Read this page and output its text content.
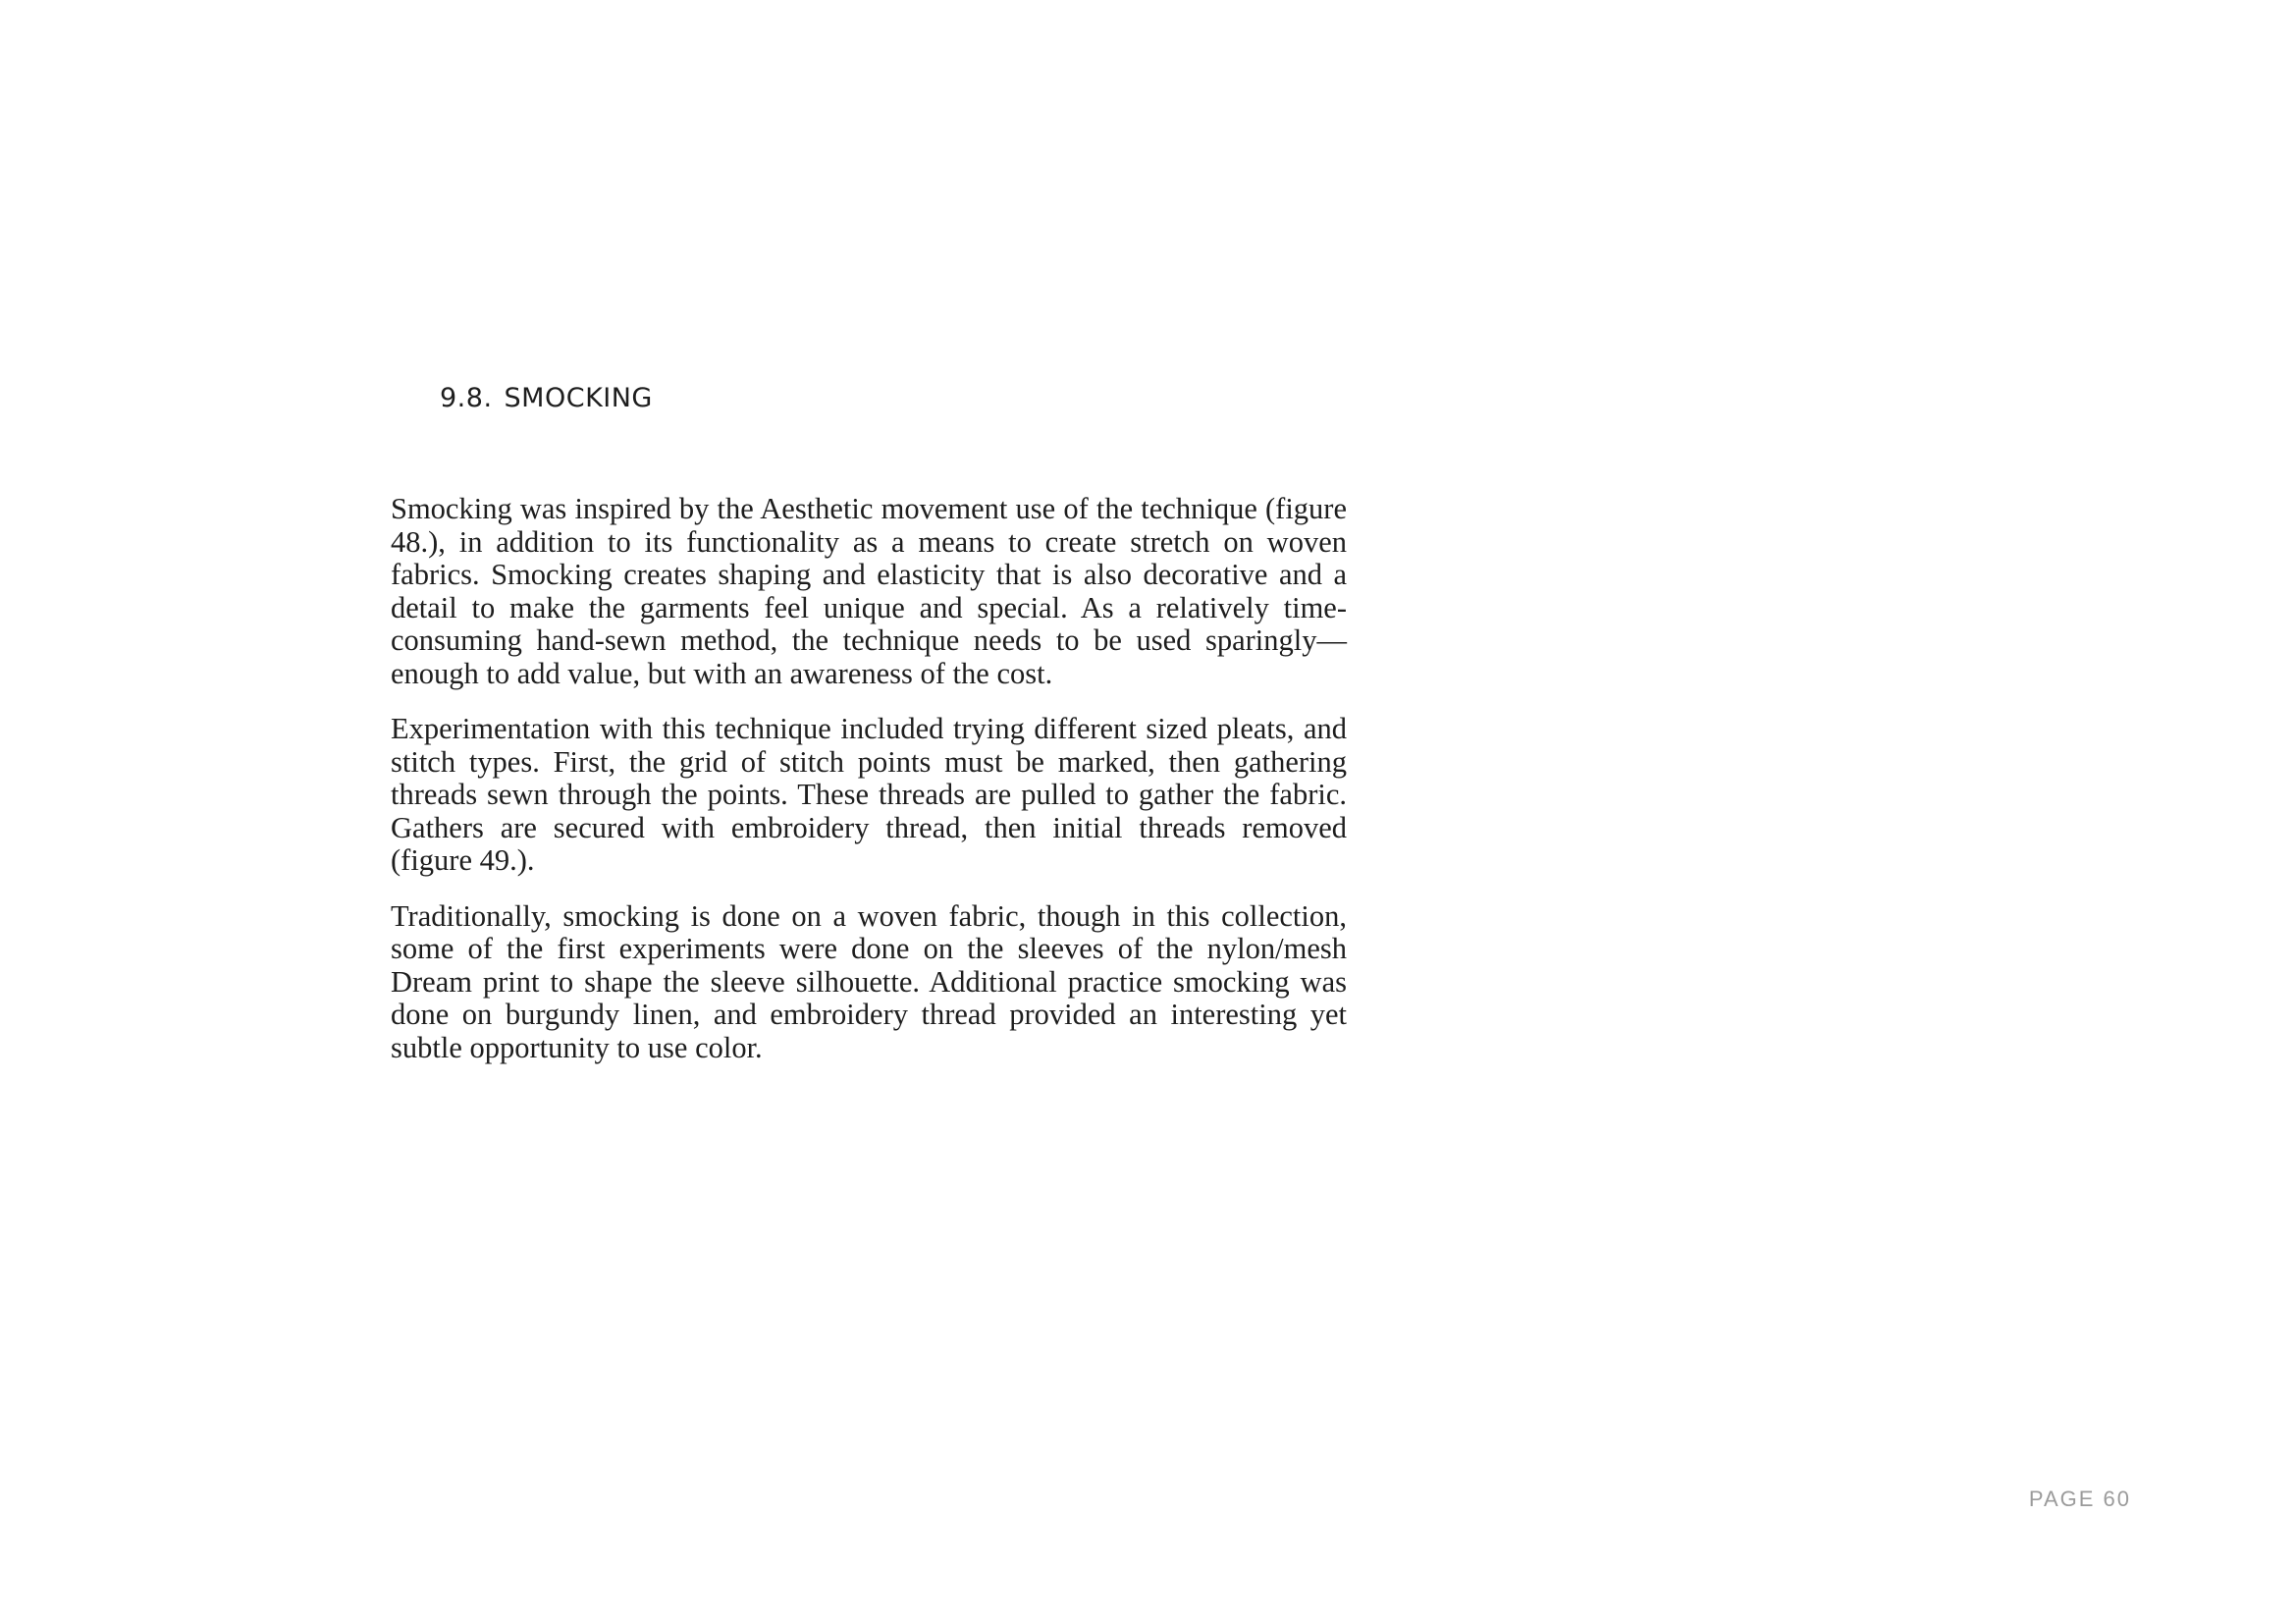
9.8. SMOCKING

Smocking was inspired by the Aesthetic movement use of the technique (figure 48.), in addition to its functionality as a means to create stretch on woven fabrics. Smocking creates shaping and elasticity that is also decorative and a detail to make the garments feel unique and special. As a relatively time-consuming hand-sewn method, the technique needs to be used sparingly—enough to add value, but with an awareness of the cost.

Experimentation with this technique included trying different sized pleats, and stitch types. First, the grid of stitch points must be marked, then gathering threads sewn through the points. These threads are pulled to gather the fabric. Gathers are secured with embroidery thread, then initial threads removed (figure 49.).

Traditionally, smocking is done on a woven fabric, though in this collection, some of the first experiments were done on the sleeves of the nylon/mesh Dream print to shape the sleeve silhouette. Additional practice smocking was done on burgundy linen, and embroidery thread provided an interesting yet subtle opportunity to use color.

PAGE 60
